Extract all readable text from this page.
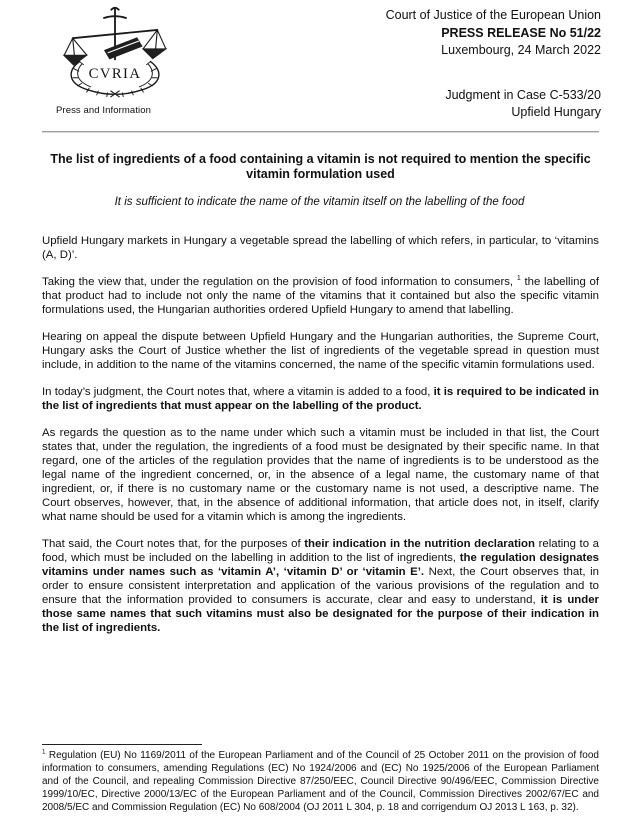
CVRIA
Press and Information
Court of Justice of the European Union
PRESS RELEASE No 51/22
Luxembourg, 24 March 2022
Judgment in Case C-533/20
Upfield Hungary
The list of ingredients of a food containing a vitamin is not required to mention the specific vitamin formulation used
It is sufficient to indicate the name of the vitamin itself on the labelling of the food

Upfield Hungary markets in Hungary a vegetable spread the labelling of which refers, in particular, to ‘vitamins (A, D)’.

Taking the view that, under the regulation on the provision of food information to consumers, $^1$ the labelling of that product had to include not only the name of the vitamins that it contained but also the specific vitamin formulations used, the Hungarian authorities ordered Upfield Hungary to amend that labelling.

Hearing on appeal the dispute between Upfield Hungary and the Hungarian authorities, the Supreme Court, Hungary asks the Court of Justice whether the list of ingredients of the vegetable spread in question must include, in addition to the name of the vitamins concerned, the name of the specific vitamin formulations used.

In today’s judgment, the Court notes that, where a vitamin is added to a food, it is required to be indicated in the list of ingredients that must appear on the labelling of the product.

As regards the question as to the name under which such a vitamin must be included in that list, the Court states that, under the regulation, the ingredients of a food must be designated by their specific name. In that regard, one of the articles of the regulation provides that the name of ingredients is to be understood as the legal name of the ingredient concerned, or, in the absence of a legal name, the customary name of that ingredient, or, if there is no customary name or the customary name is not used, a descriptive name. The Court observes, however, that, in the absence of additional information, that article does not, in itself, clarify what name should be used for a vitamin which is among the ingredients.

That said, the Court notes that, for the purposes of their indication in the nutrition declaration relating to a food, which must be included on the labelling in addition to the list of ingredients, the regulation designates vitamins under names such as ‘vitamin A’, ‘vitamin D’ or ‘vitamin E’. Next, the Court observes that, in order to ensure consistent interpretation and application of the various provisions of the regulation and to ensure that the information provided to consumers is accurate, clear and easy to understand, it is under those same names that such vitamins must also be designated for the purpose of their indication in the list of ingredients.

$^1$ Regulation (EU) No 1169/2011 of the European Parliament and of the Council of 25 October 2011 on the provision of food information to consumers, amending Regulations (EC) No 1924/2006 and (EC) No 1925/2006 of the European Parliament and of the Council, and repealing Commission Directive 87/250/EEC, Council Directive 90/496/EEC, Commission Directive 1999/10/EC, Directive 2000/13/EC of the European Parliament and of the Council, Commission Directives 2002/67/EC and 2008/5/EC and Commission Regulation (EC) No 608/2004 (OJ 2011 L 304, p. 18 and corrigendum OJ 2013 L 163, p. 32).
